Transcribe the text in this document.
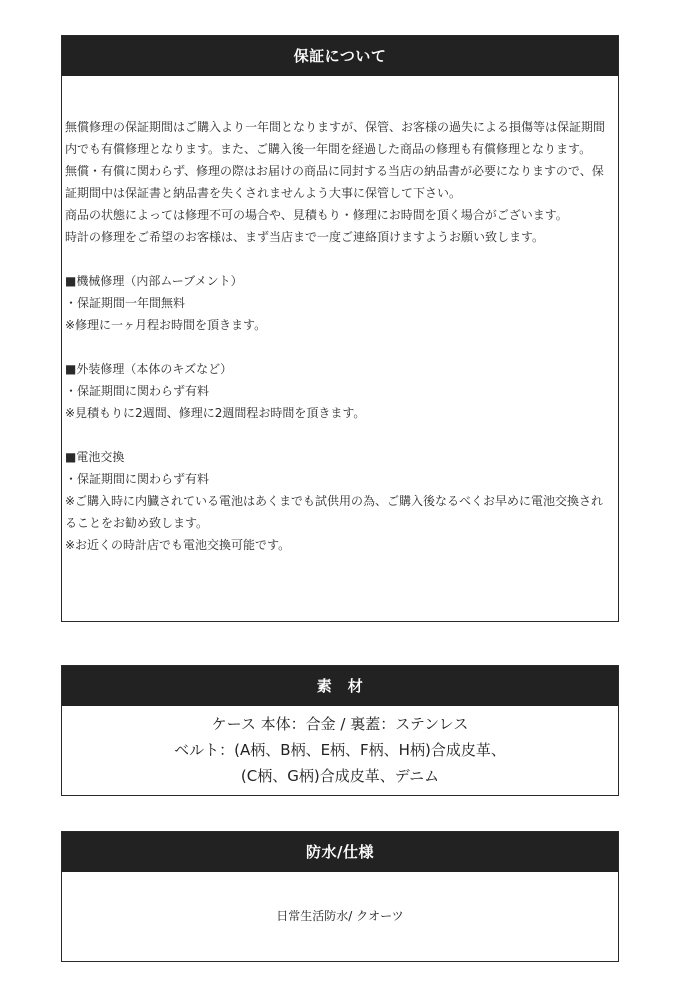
保証について

無償修理の保証期間はご購入より一年間となりますが、保管、お客様の過失による損傷等は保証期間内でも有償修理となります。また、ご購入後一年間を経過した商品の修理も有償修理となります。

無償・有償に関わらず、修理の際はお届けの商品に同封する当店の納品書が必要になりますので、保証期間中は保証書と納品書を失くされませんよう大事に保管して下さい。

商品の状態によっては修理不可の場合や、見積もり・修理にお時間を頂く場合がございます。

時計の修理をご希望のお客様は、まず当店まで一度ご連絡頂けますようお願い致します。

■機械修理（内部ムーブメント）

・保証期間一年間無料

※修理に一ヶ月程お時間を頂きます。

■外装修理（本体のキズなど）

・保証期間に関わらず有料

※見積もりに2週間、修理に2週間程お時間を頂きます。

■電池交換

・保証期間に関わらず有料

※ご購入時に内臓されている電池はあくまでも試供用の為、ご購入後なるべくお早めに電池交換されることをお勧め致します。

※お近くの時計店でも電池交換可能です。

素　材
ケース 本体：合金 / 裏蓋：ステンレス
ベルト：(A柄、B柄、E柄、F柄、H柄)合成皮革、
(C柄、G柄)合成皮革、デニム
防水/仕様
日常生活防水/ クオーツ
